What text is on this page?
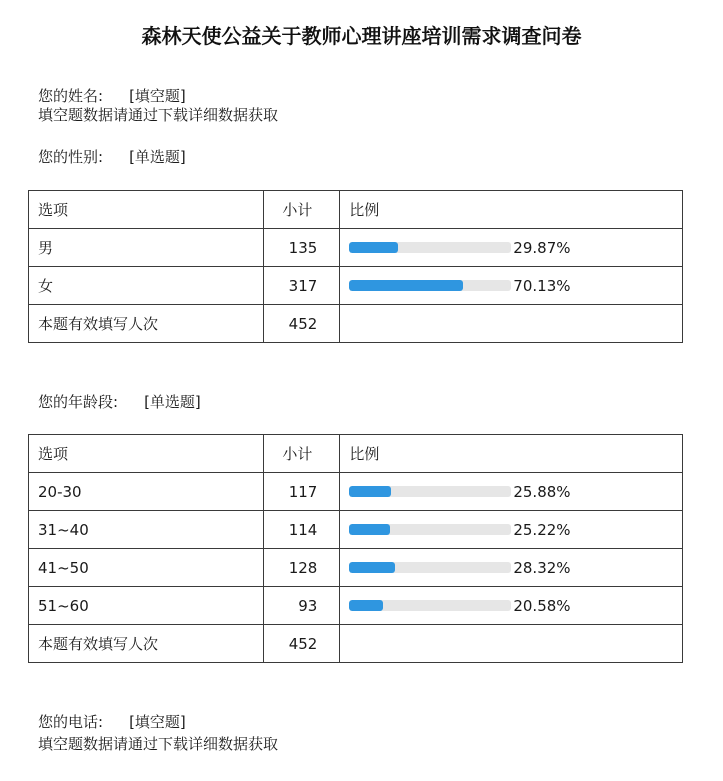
森林天使公益关于教师心理讲座培训需求调查问卷
您的姓名: [填空题]
填空题数据请通过下载详细数据获取
您的性别: [单选题]
选项	小计	比例
男	135	29.87%

女	317	70.13%

本题有效填写人次	452	
您的年龄段: [单选题]
选项	小计	比例
20-30	117	25.88%

31~40	114	25.22%

41~50	128	28.32%

51~60	93	20.58%

本题有效填写人次	452	
您的电话: [填空题]
填空题数据请通过下载详细数据获取
